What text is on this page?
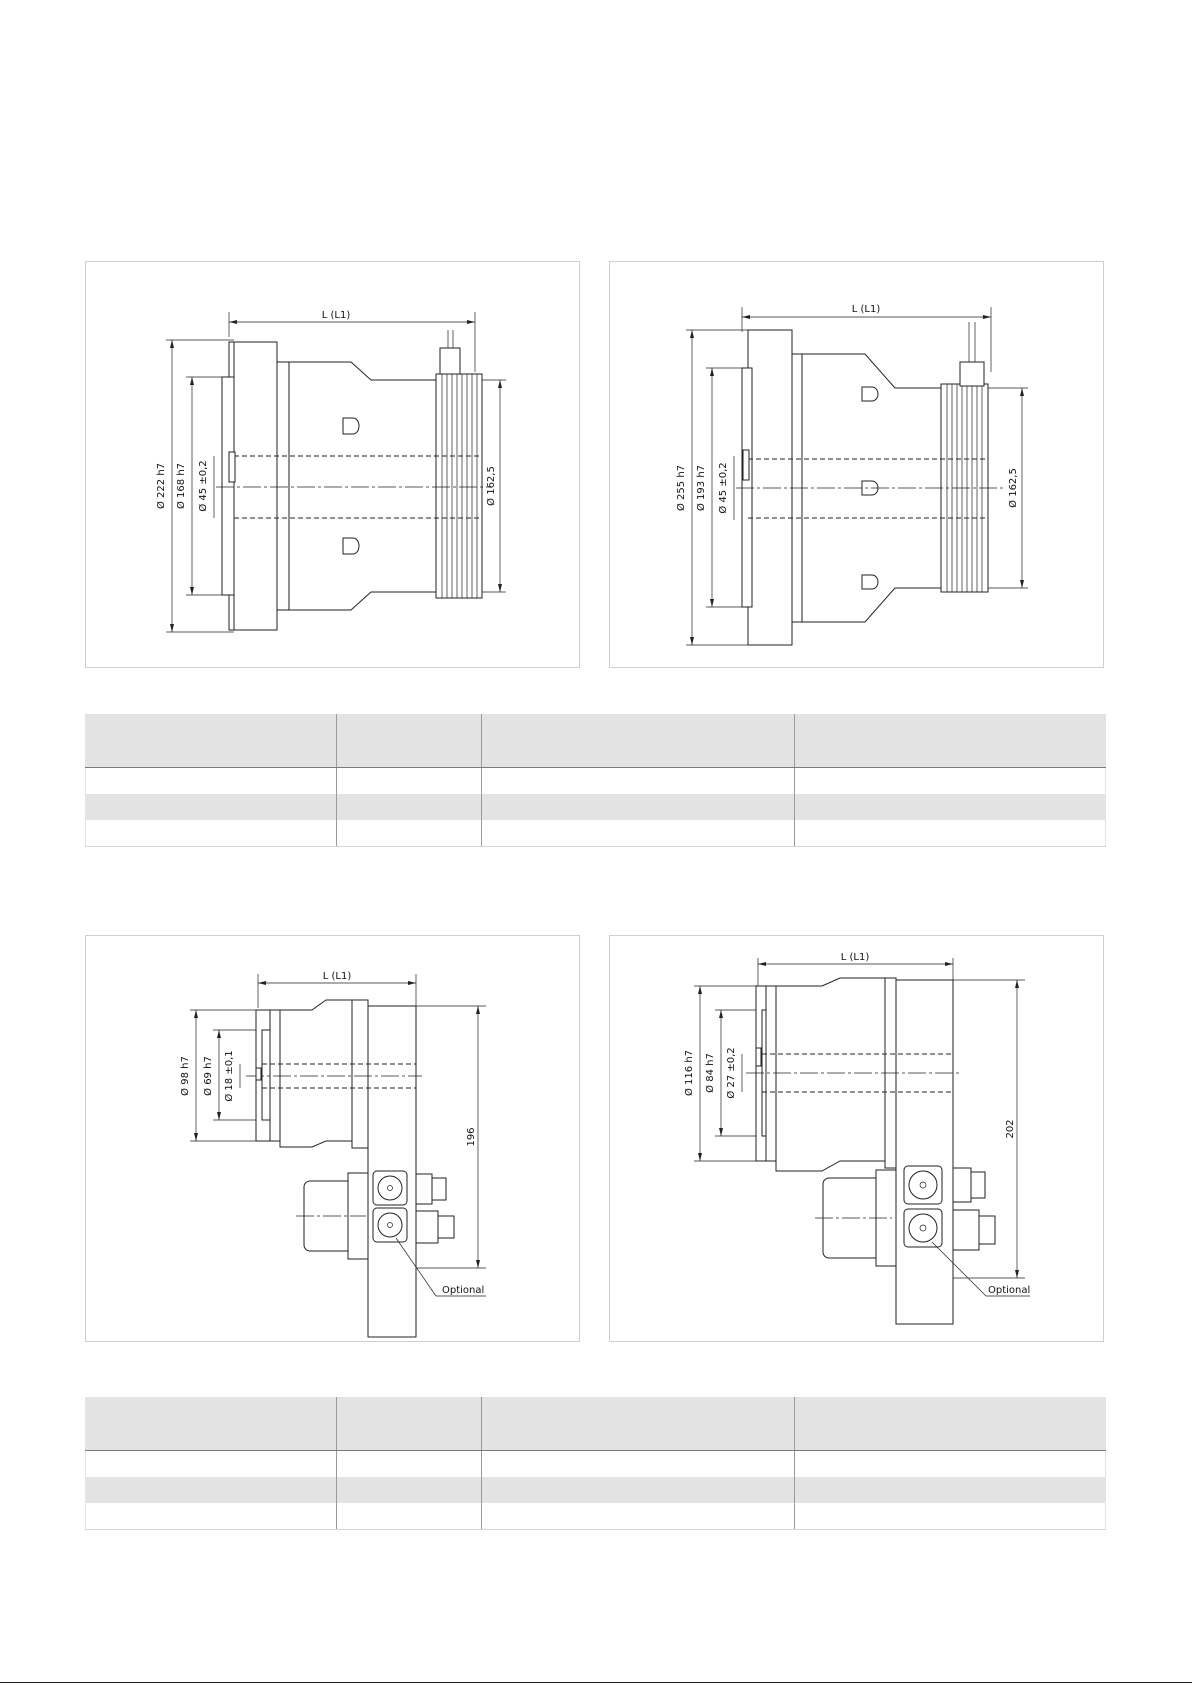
L (L1)
Ø 222 h7 Ø 168 h7 Ø 45 ±0,2	Ø 162,5
L (L1)
Ø 255 h7 Ø 193 h7 Ø 45 ±0,2	Ø 162,5

L (L1)
Ø 98 h7 Ø 69 h7 Ø 18 ±0,1
196
Optional
L (L1)
Ø 116 h7 Ø 84 h7 Ø 27 ±0,2
202
Optional
